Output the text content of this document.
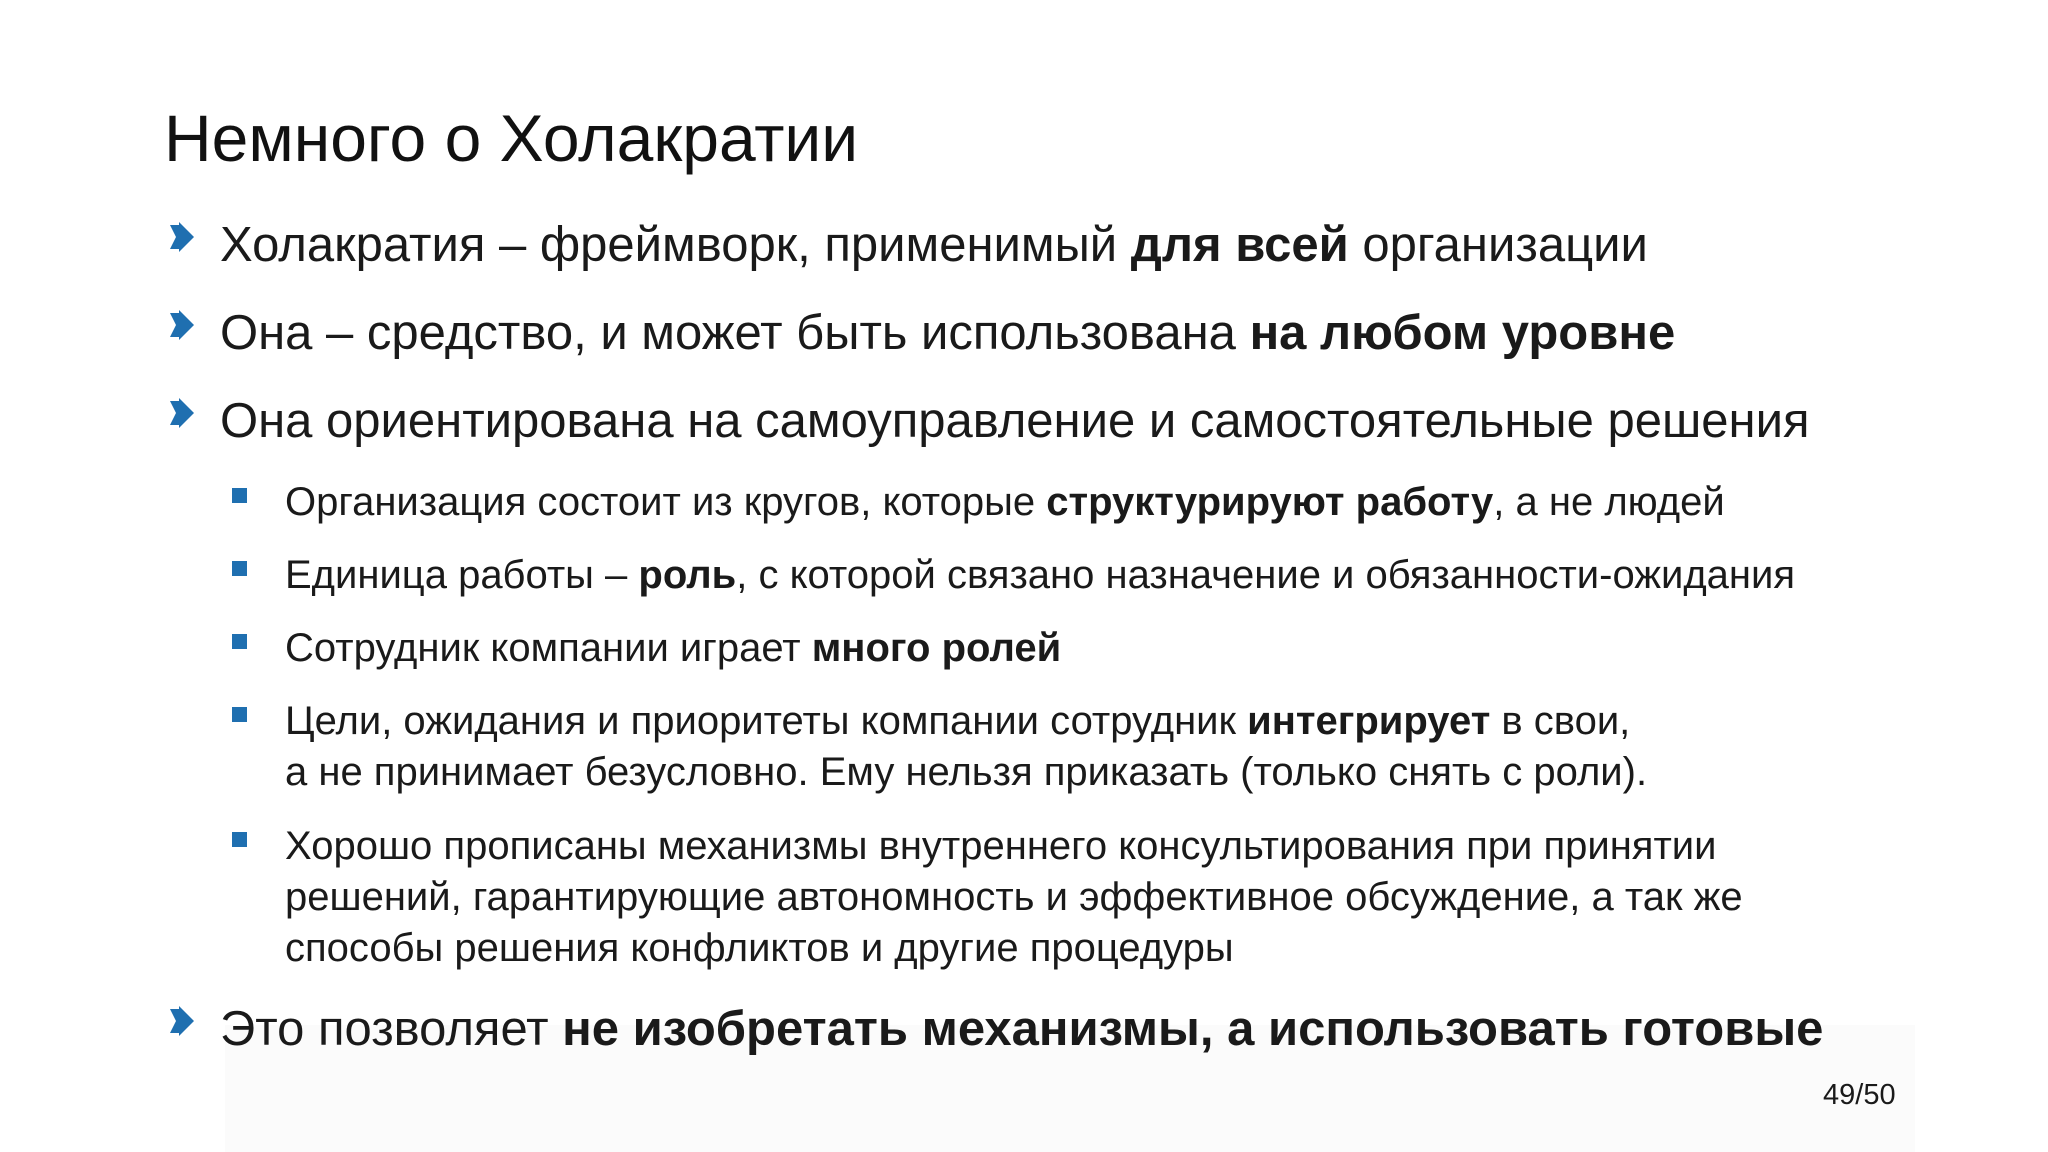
Немного о Холакратии
Холакратия – фреймворк, применимый для всей организации
Она – средство, и может быть использована на любом уровне
Она ориентирована на самоуправление и самостоятельные решения
Организация состоит из кругов, которые структурируют работу, а не людей
Единица работы – роль, с которой связано назначение и обязанности-ожидания
Сотрудник компании играет много ролей
Цели, ожидания и приоритеты компании сотрудник интегрирует в свои,
а не принимает безусловно. Ему нельзя приказать (только снять с роли).
Хорошо прописаны механизмы внутреннего консультирования при принятии
решений, гарантирующие автономность и эффективное обсуждение, а так же
способы решения конфликтов и другие процедуры
Это позволяет не изобретать механизмы, а использовать готовые
49/50
